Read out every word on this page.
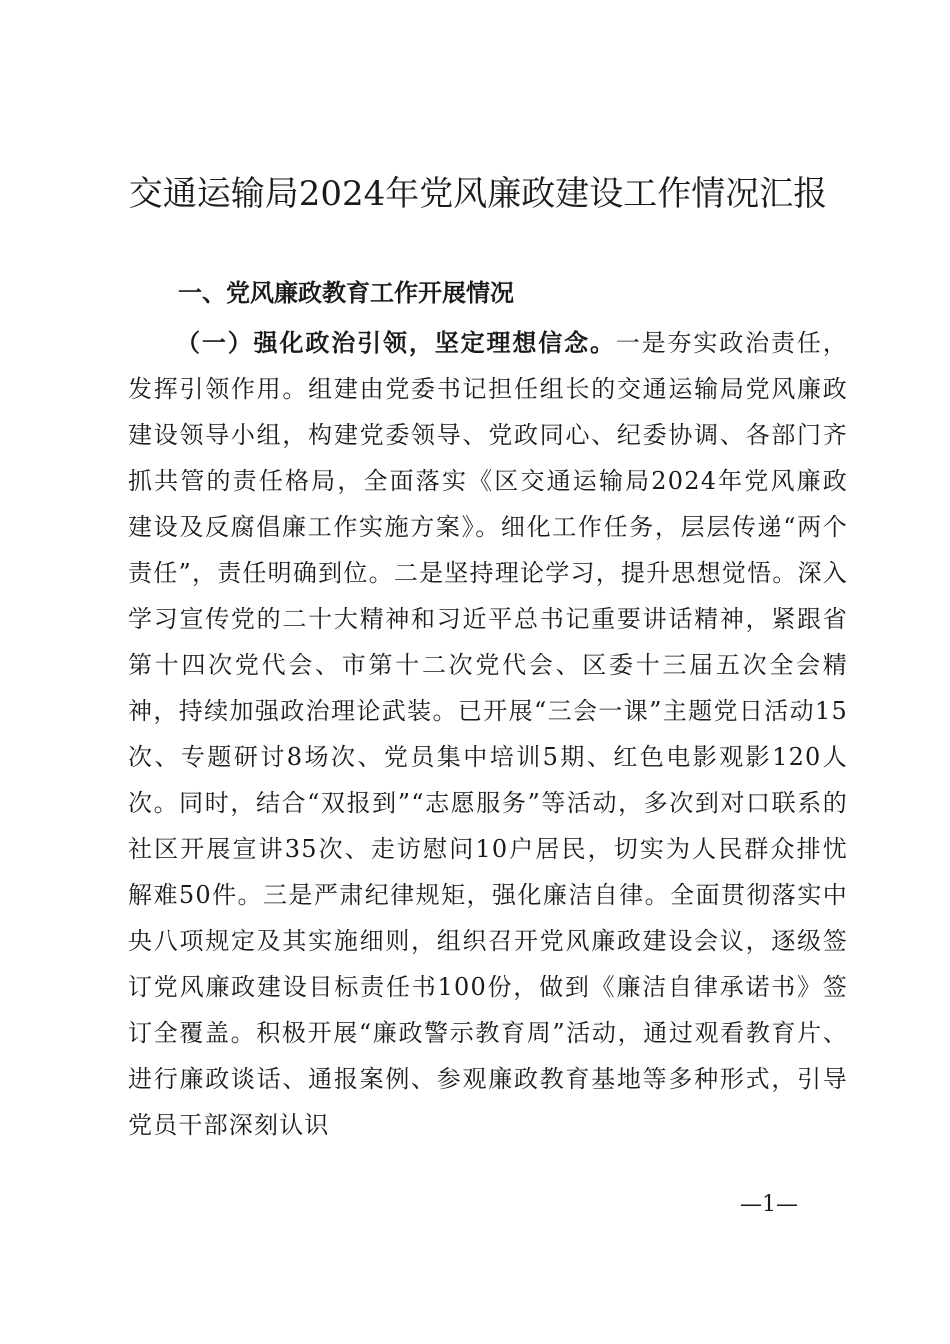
交通运输局2024年党风廉政建设工作情况汇报
一、党风廉政教育工作开展情况

（一）强化政治引领，坚定理想信念。一是夯实政治责任，发挥引领作用。组建由党委书记担任组长的交通运输局党风廉政建设领导小组，构建党委领导、党政同心、纪委协调、各部门齐抓共管的责任格局，全面落实《区交通运输局2024年党风廉政建设及反腐倡廉工作实施方案》。细化工作任务，层层传递“两个责任”，责任明确到位。二是坚持理论学习，提升思想觉悟。深入学习宣传党的二十大精神和习近平总书记重要讲话精神，紧跟省第十四次党代会、市第十二次党代会、区委十三届五次全会精神，持续加强政治理论武装。已开展“三会一课”主题党日活动15次、专题研讨8场次、党员集中培训5期、红色电影观影120人次。同时，结合“双报到”“志愿服务”等活动，多次到对口联系的社区开展宣讲35次、走访慰问10户居民，切实为人民群众排忧解难50件。三是严肃纪律规矩，强化廉洁自律。全面贯彻落实中央八项规定及其实施细则，组织召开党风廉政建设会议，逐级签订党风廉政建设目标责任书100份，做到《廉洁自律承诺书》签订全覆盖。积极开展“廉政警示教育周”活动，通过观看教育片、进行廉政谈话、通报案例、参观廉政教育基地等多种形式，引导党员干部深刻认识

—1—
